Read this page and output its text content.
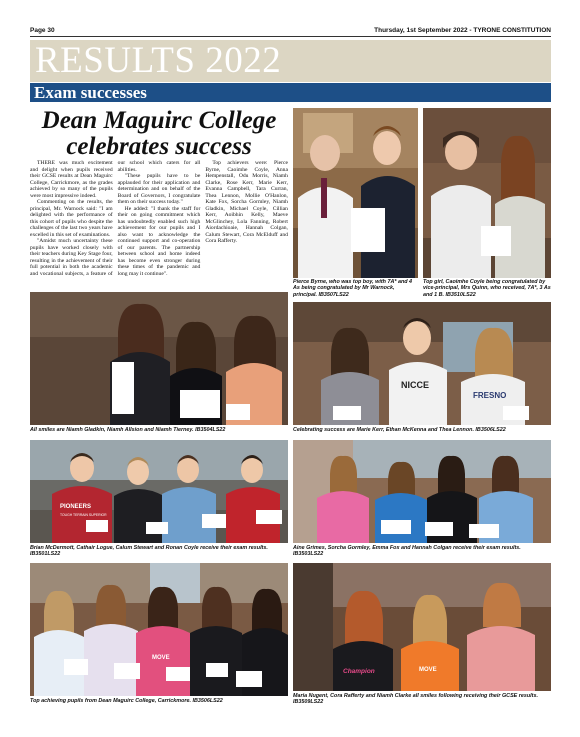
Page 30	Thursday, 1st September 2022 - TYRONE CONSTITUTION
RESULTS 2022
Exam successes
Dean Maguirc College
celebrates success

THERE was much excitement and delight when pupils received their GCSE results at Dean Maguirc College, Carrickmore, as the grades achieved by so many of the pupils were most impressive indeed.

Commenting on the results, the principal, Mr. Warnock said: "I am delighted with the performance of this cohort of pupils who despite the challenges of the last two years have excelled in this set of examinations.

"Amidst much uncertainty these pupils have worked closely with their teachers during Key Stage four, resulting in the achievement of their full potential in both the academic and vocational subjects, a feature of our school which caters for all abilities.

"These pupils have to be applauded for their application and determination and on behalf of the Board of Governors, I congratulate them on their success today."

He added: "I thank the staff for their on going commitment which has undoubtedly enabled such high achievement for our pupils and I also want to acknowledge the continued support and co-operation of our parents. The partnership between school and home indeed has become even stronger during these times of the pandemic and long may it continue".

Top achievers were: Pierce Byrne, Caoimhe Coyle, Anna Hempenstall, Odu Morris, Niamh Clarke, Rose Kerr, Marie Kerr, Evanna Campbell, Tara Curran, Thea Lennon, Mollie O'Hanlon, Kate Fox, Sorcha Gormley, Niamh Gladkin, Michael Coyle, Cillian Kerr, Aoibhin Kelly, Maeve McGlinchey, Lola Fanning, Robert Aiordachioaie, Hannah Colgan, Calum Stewart, Cora McElduff and Cora Rafferty.

Pierce Byrne, who was top boy, with 7A* and 4 As being congratulated by Mr Warnock, principal. IB3507LS22
Top girl, Caoimhe Coyle being congratulated by vice-principal, Mrs Quinn, who received, 7A*, 3 As and 1 B. IB3510LS22
All smiles are Niamh Gladkin, Niamh Allsion and Niamh Tierney. IB3504LS22
NICCE
FRESNO
Celebrating success are Marie Kerr, Ethan McKenna and Thea Lennon. IB3506LS22
PIONEERS
TOUGH TERRAIN SUPERIOR
Brian McDermott, Cathair Logue, Calum Stewart and Ronan Coyle receive their exam results. IB3501LS22
Aine Grimes, Sorcha Gormley, Emma Fox and Hannah Colgan receive their exam results. IB3503LS22
MOVE
Top achieving pupils from Dean Maguirc College, Carrickmore. IB3506LS22
Champion	MOVE
Maria Nugent, Cora Rafferty and Niamh Clarke all smiles following receiving their GCSE results. IB3509LS22
